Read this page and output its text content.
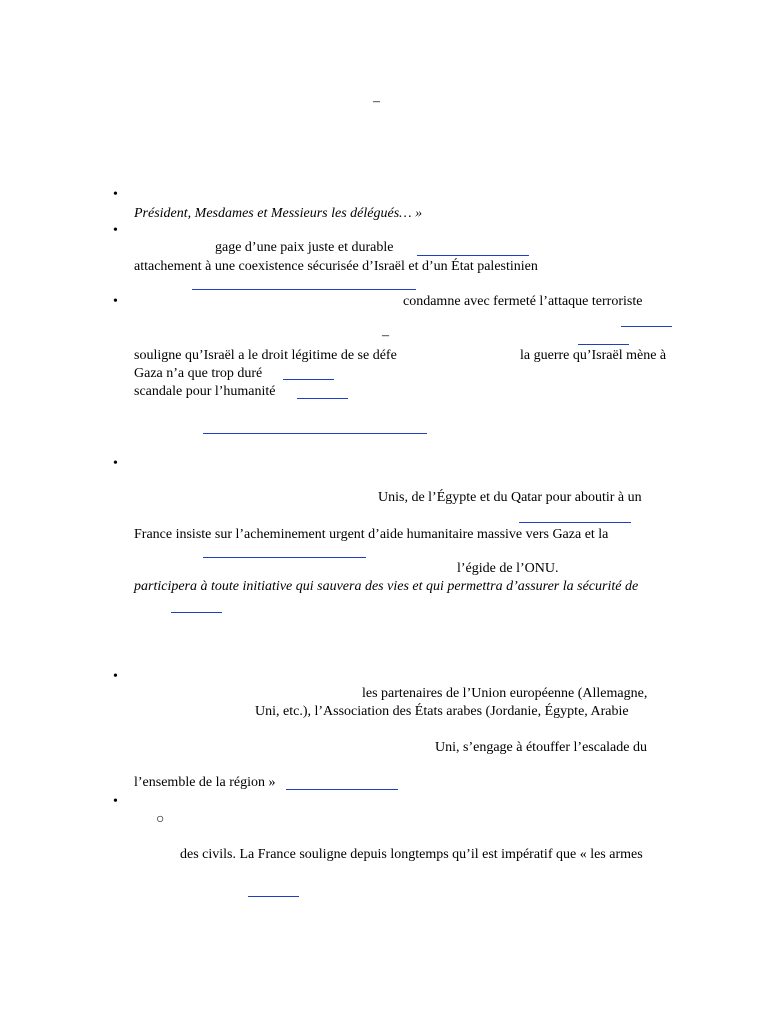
–
•
Président, Mesdames et Messieurs les délégués… »
•
gage d’une paix juste et durable
attachement à une coexistence sécurisée d’Israël et d’un État palestinien
•	condamne avec fermeté l’attaque terroriste
–
souligne qu’Israël a le droit légitime de se défe	la guerre qu’Israël mène à
Gaza n’a que trop duré
scandale pour l’humanité
•
Unis, de l’Égypte et du Qatar pour aboutir à un
France insiste sur l’acheminement urgent d’aide humanitaire massive vers Gaza et la
l’égide de l’ONU.
participera à toute initiative qui sauvera des vies et qui permettra d’assurer la sécurité de
•
les partenaires de l’Union européenne (Allemagne,
Uni, etc.), l’Association des États arabes (Jordanie, Égypte, Arabie
Uni, s’engage à étouffer l’escalade du
l’ensemble de la région »
•
○
des civils. La France souligne depuis longtemps qu’il est impératif que « les armes
